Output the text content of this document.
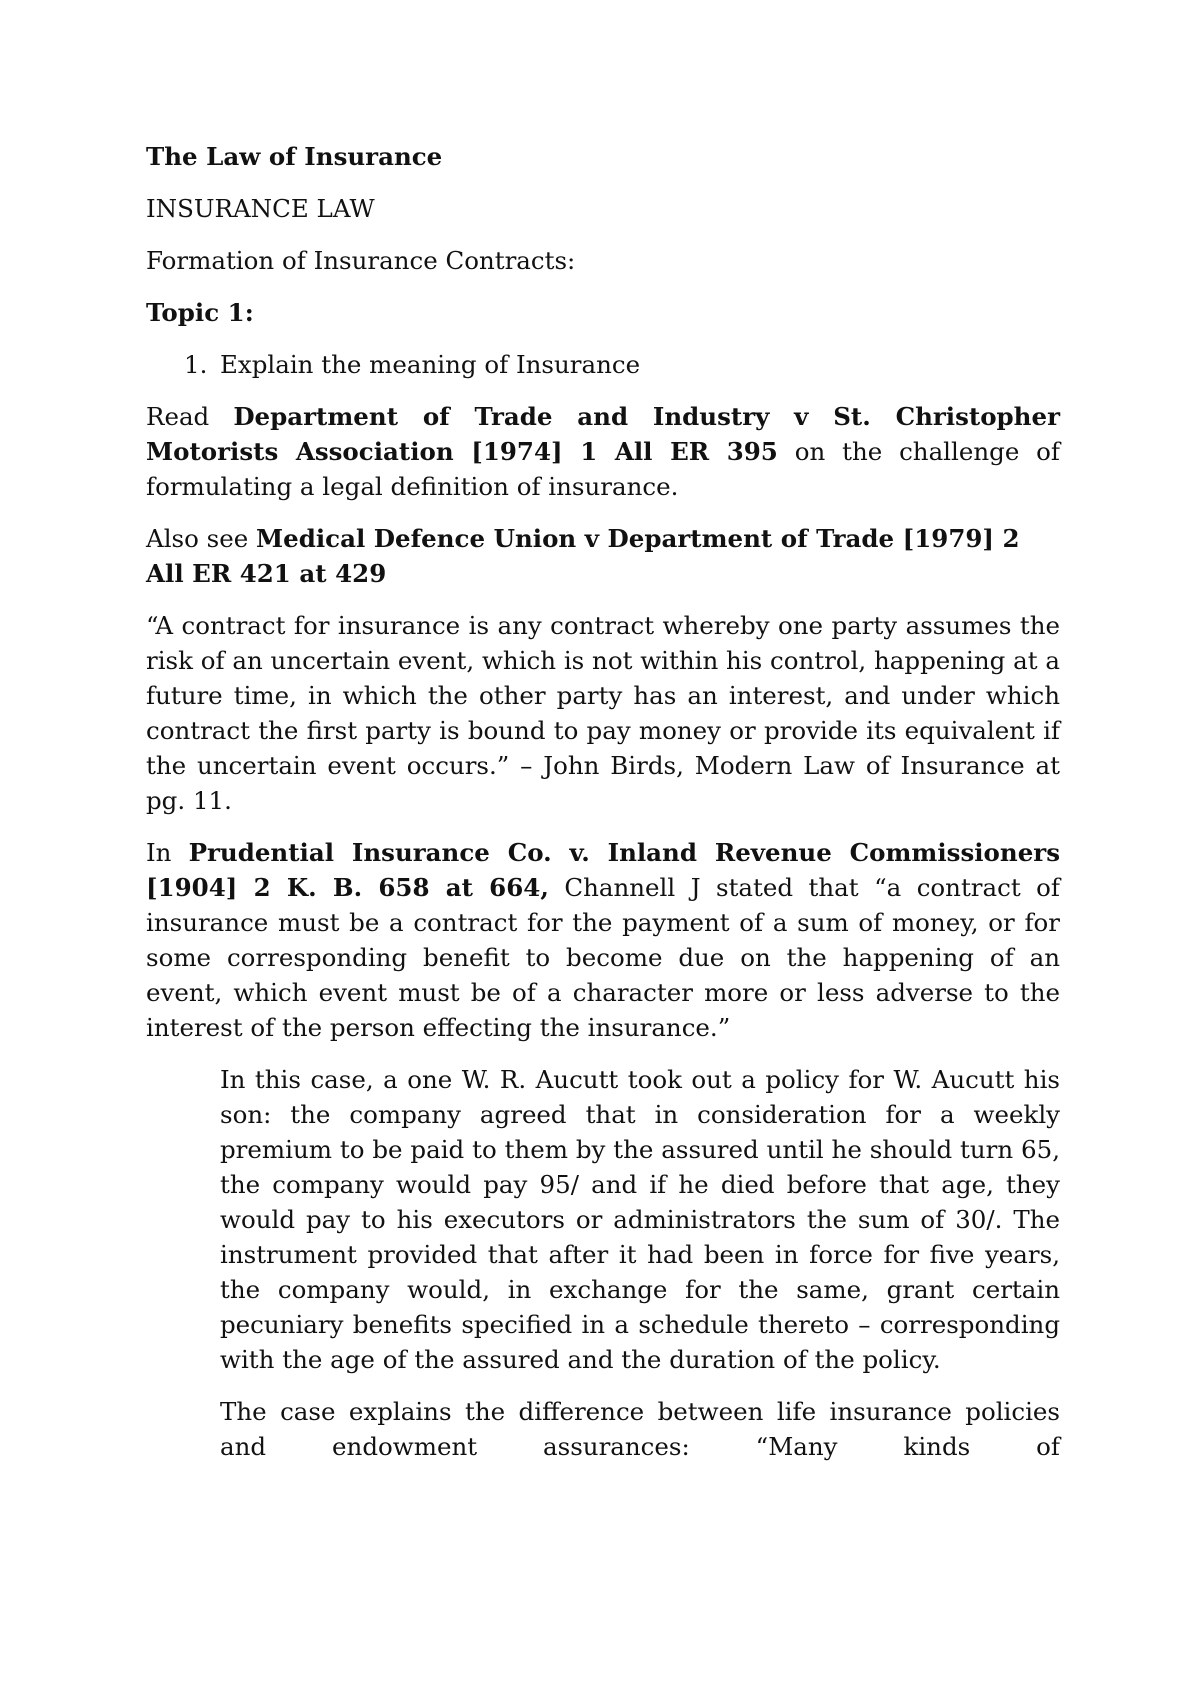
The Law of Insurance

INSURANCE LAW

Formation of Insurance Contracts:

Topic 1:

1. Explain the meaning of Insurance

Read Department of Trade and Industry v St. Christopher Motorists Association [1974] 1 All ER 395 on the challenge of formulating a legal definition of insurance.

Also see Medical Defence Union v Department of Trade [1979] 2 All ER 421 at 429

“A contract for insurance is any contract whereby one party assumes the risk of an uncertain event, which is not within his control, happening at a future time, in which the other party has an interest, and under which contract the first party is bound to pay money or provide its equivalent if the uncertain event occurs.” – John Birds, Modern Law of Insurance at pg. 11.

In Prudential Insurance Co. v. Inland Revenue Commissioners [1904] 2 K. B. 658 at 664, Channell J stated that “a contract of insurance must be a contract for the payment of a sum of money, or for some corresponding benefit to become due on the happening of an event, which event must be of a character more or less adverse to the interest of the person effecting the insurance.”

In this case, a one W. R. Aucutt took out a policy for W. Aucutt his son: the company agreed that in consideration for a weekly premium to be paid to them by the assured until he should turn 65, the company would pay 95/ and if he died before that age, they would pay to his executors or administrators the sum of 30/. The instrument provided that after it had been in force for five years, the company would, in exchange for the same, grant certain pecuniary benefits specified in a schedule thereto – corresponding with the age of the assured and the duration of the policy.

The case explains the difference between life insurance policies and endowment assurances: “Many kinds of
